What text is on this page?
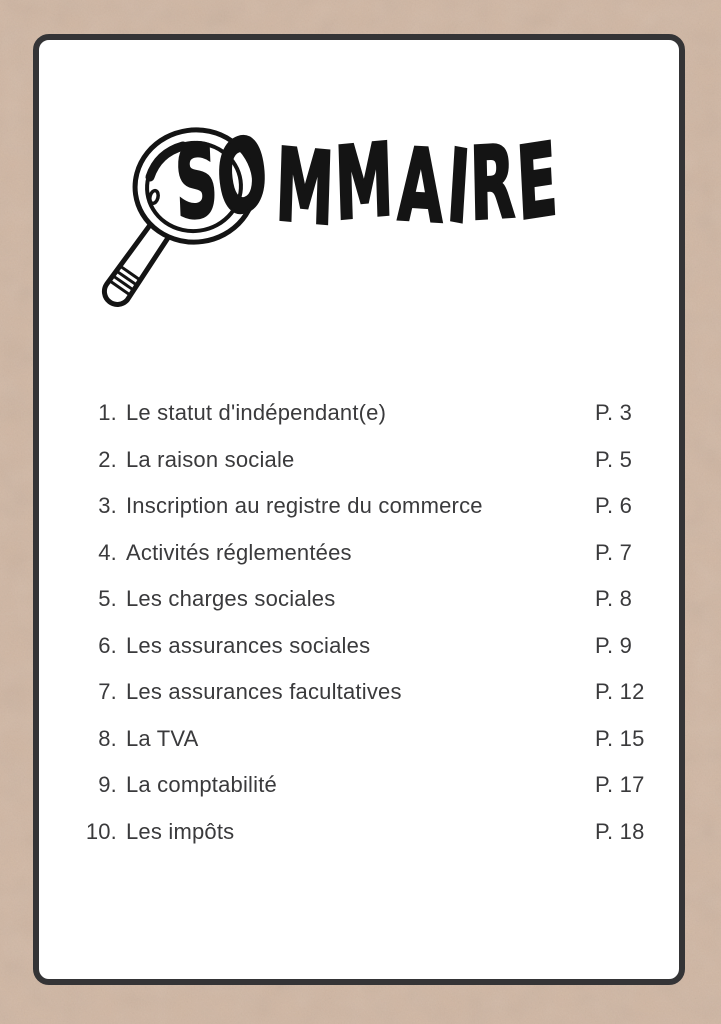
SOMMAIRE
1. Le statut d'indépendant(e)	P. 3
2. La raison sociale	P. 5
3. Inscription au registre du commerce	P. 6
4. Activités réglementées	P. 7
5. Les charges sociales	P. 8
6. Les assurances sociales	P. 9
7. Les assurances facultatives	P. 12
8. La TVA	P. 15
9. La comptabilité	P. 17
10. Les impôts	P. 18
